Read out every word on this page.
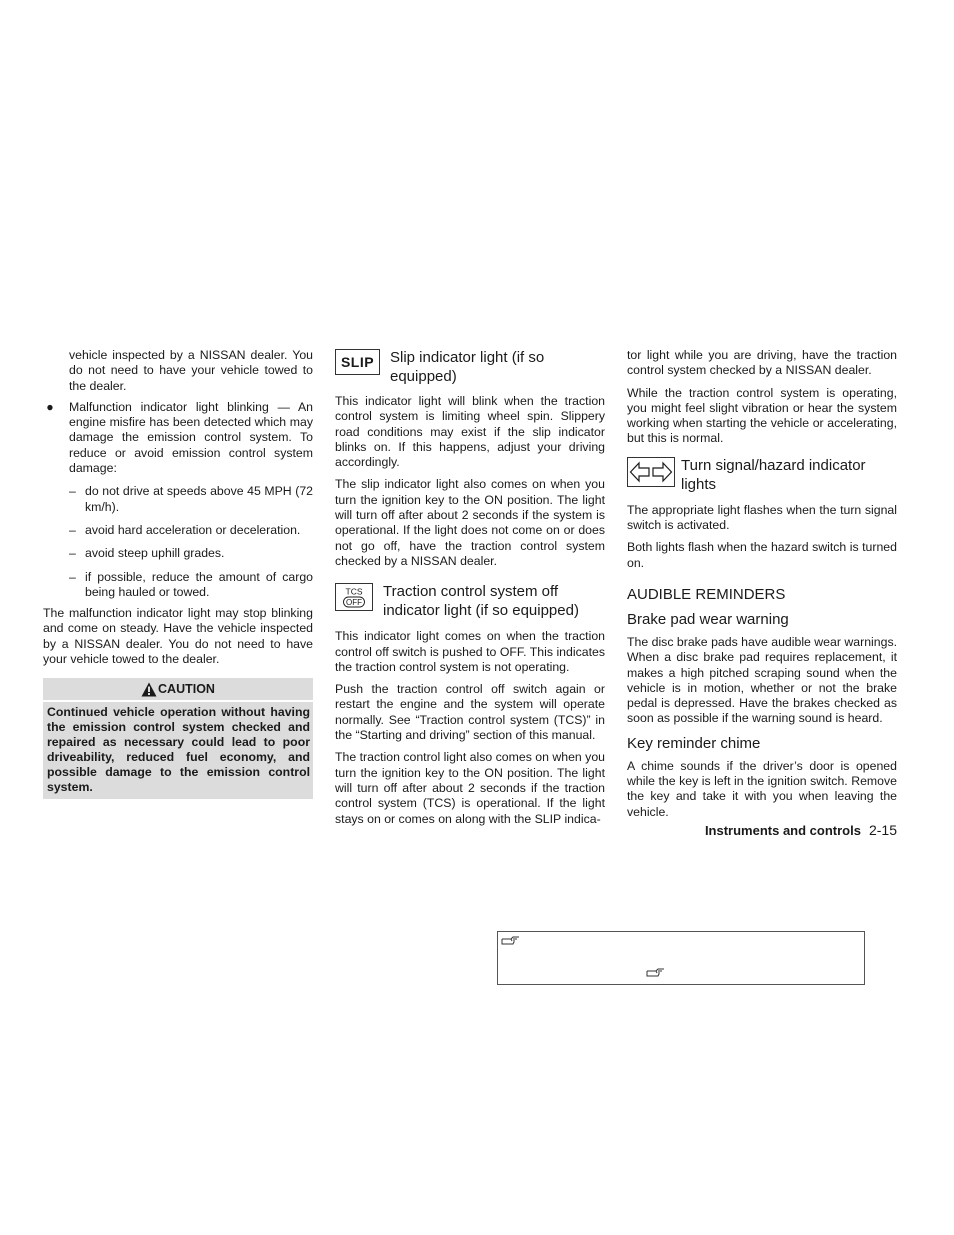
vehicle inspected by a NISSAN dealer. You do not need to have your vehicle towed to the dealer.

● Malfunction indicator light blinking — An engine misfire has been detected which may damage the emission control system. To reduce or avoid emission control system damage:

– do not drive at speeds above 45 MPH (72 km/h).

– avoid hard acceleration or deceleration.

– avoid steep uphill grades.

– if possible, reduce the amount of cargo being hauled or towed.

The malfunction indicator light may stop blinking and come on steady. Have the vehicle inspected by a NISSAN dealer. You do not need to have your vehicle towed to the dealer.

CAUTION

Continued vehicle operation without having the emission control system checked and repaired as necessary could lead to poor driveability, reduced fuel economy, and possible damage to the emission control system.

SLIP Slip indicator light (if so equipped)

This indicator light will blink when the traction control system is limiting wheel spin. Slippery road conditions may exist if the slip indicator blinks on. If this happens, adjust your driving accordingly.

The slip indicator light also comes on when you turn the ignition key to the ON position. The light will turn off after about 2 seconds if the system is operational. If the light does not come on or does not go off, have the traction control system checked by a NISSAN dealer.

TCS
OFF

Traction control system off indicator light (if so equipped)

This indicator light comes on when the traction control off switch is pushed to OFF. This indicates the traction control system is not operating.

Push the traction control off switch again or restart the engine and the system will operate normally. See “Traction control system (TCS)” in the “Starting and driving” section of this manual.

The traction control light also comes on when you turn the ignition key to the ON position. The light will turn off after about 2 seconds if the traction control system (TCS) is operational. If the light stays on or comes on along with the SLIP indica-

tor light while you are driving, have the traction control system checked by a NISSAN dealer.

While the traction control system is operating, you might feel slight vibration or hear the system working when starting the vehicle or accelerating, but this is normal.

Turn signal/hazard indicator lights

The appropriate light flashes when the turn signal switch is activated.

Both lights flash when the hazard switch is turned on.

AUDIBLE REMINDERS

Brake pad wear warning

The disc brake pads have audible wear warnings. When a disc brake pad requires replacement, it makes a high pitched scraping sound when the vehicle is in motion, whether or not the brake pedal is depressed. Have the brakes checked as soon as possible if the warning sound is heard.

Key reminder chime

A chime sounds if the driver’s door is opened while the key is left in the ignition switch. Remove the key and take it with you when leaving the vehicle.

Instruments and controls 2-15
